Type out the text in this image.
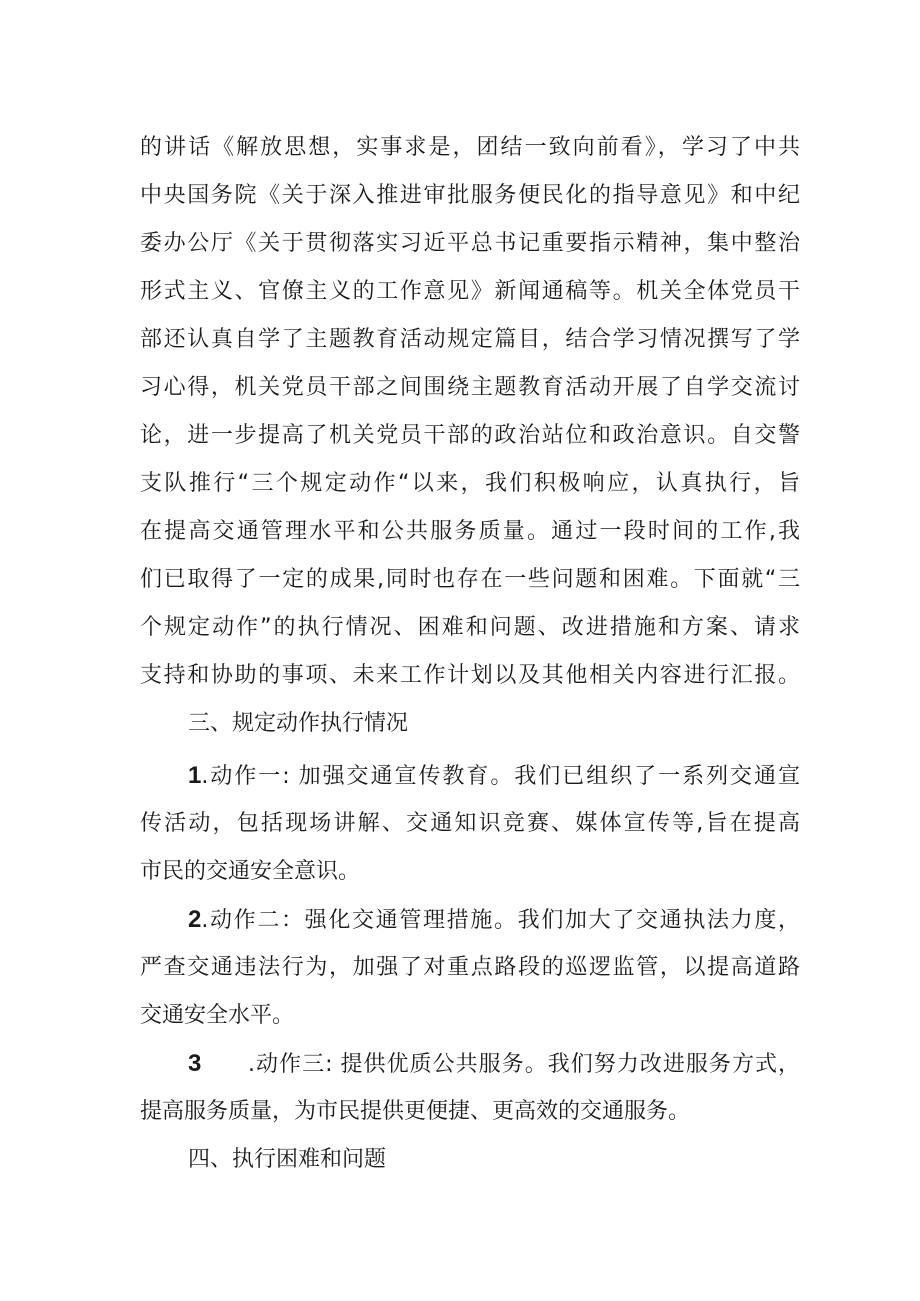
的讲话《解放思想，实事求是，团结一致向前看》，学习了中共
中央国务院《关于深入推进审批服务便民化的指导意见》和中纪
委办公厅《关于贯彻落实习近平总书记重要指示精神，集中整治
形式主义、官僚主义的工作意见》新闻通稿等。机关全体党员干
部还认真自学了主题教育活动规定篇目，结合学习情况撰写了学
习心得，机关党员干部之间围绕主题教育活动开展了自学交流讨
论，进一步提高了机关党员干部的政治站位和政治意识。自交警
支队推行“三个规定动作“以来，我们积极响应，认真执行，旨
在提高交通管理水平和公共服务质量。通过一段时间的工作,我
们已取得了一定的成果,同时也存在一些问题和困难。下面就“三
个规定动作”的执行情况、困难和问题、改进措施和方案、请求
支持和协助的事项、未来工作计划以及其他相关内容进行汇报。
三、规定动作执行情况
1.动作一: 加强交通宣传教育。我们已组织了一系列交通宣
传活动，包括现场讲解、交通知识竞赛、媒体宣传等,旨在提高
市民的交通安全意识。
2.动作二：强化交通管理措施。我们加大了交通执法力度，
严查交通违法行为，加强了对重点路段的巡逻监管，以提高道路
交通安全水平。
3 .动作三: 提供优质公共服务。我们努力改进服务方式，
提高服务质量，为市民提供更便捷、更高效的交通服务。
四、执行困难和问题
